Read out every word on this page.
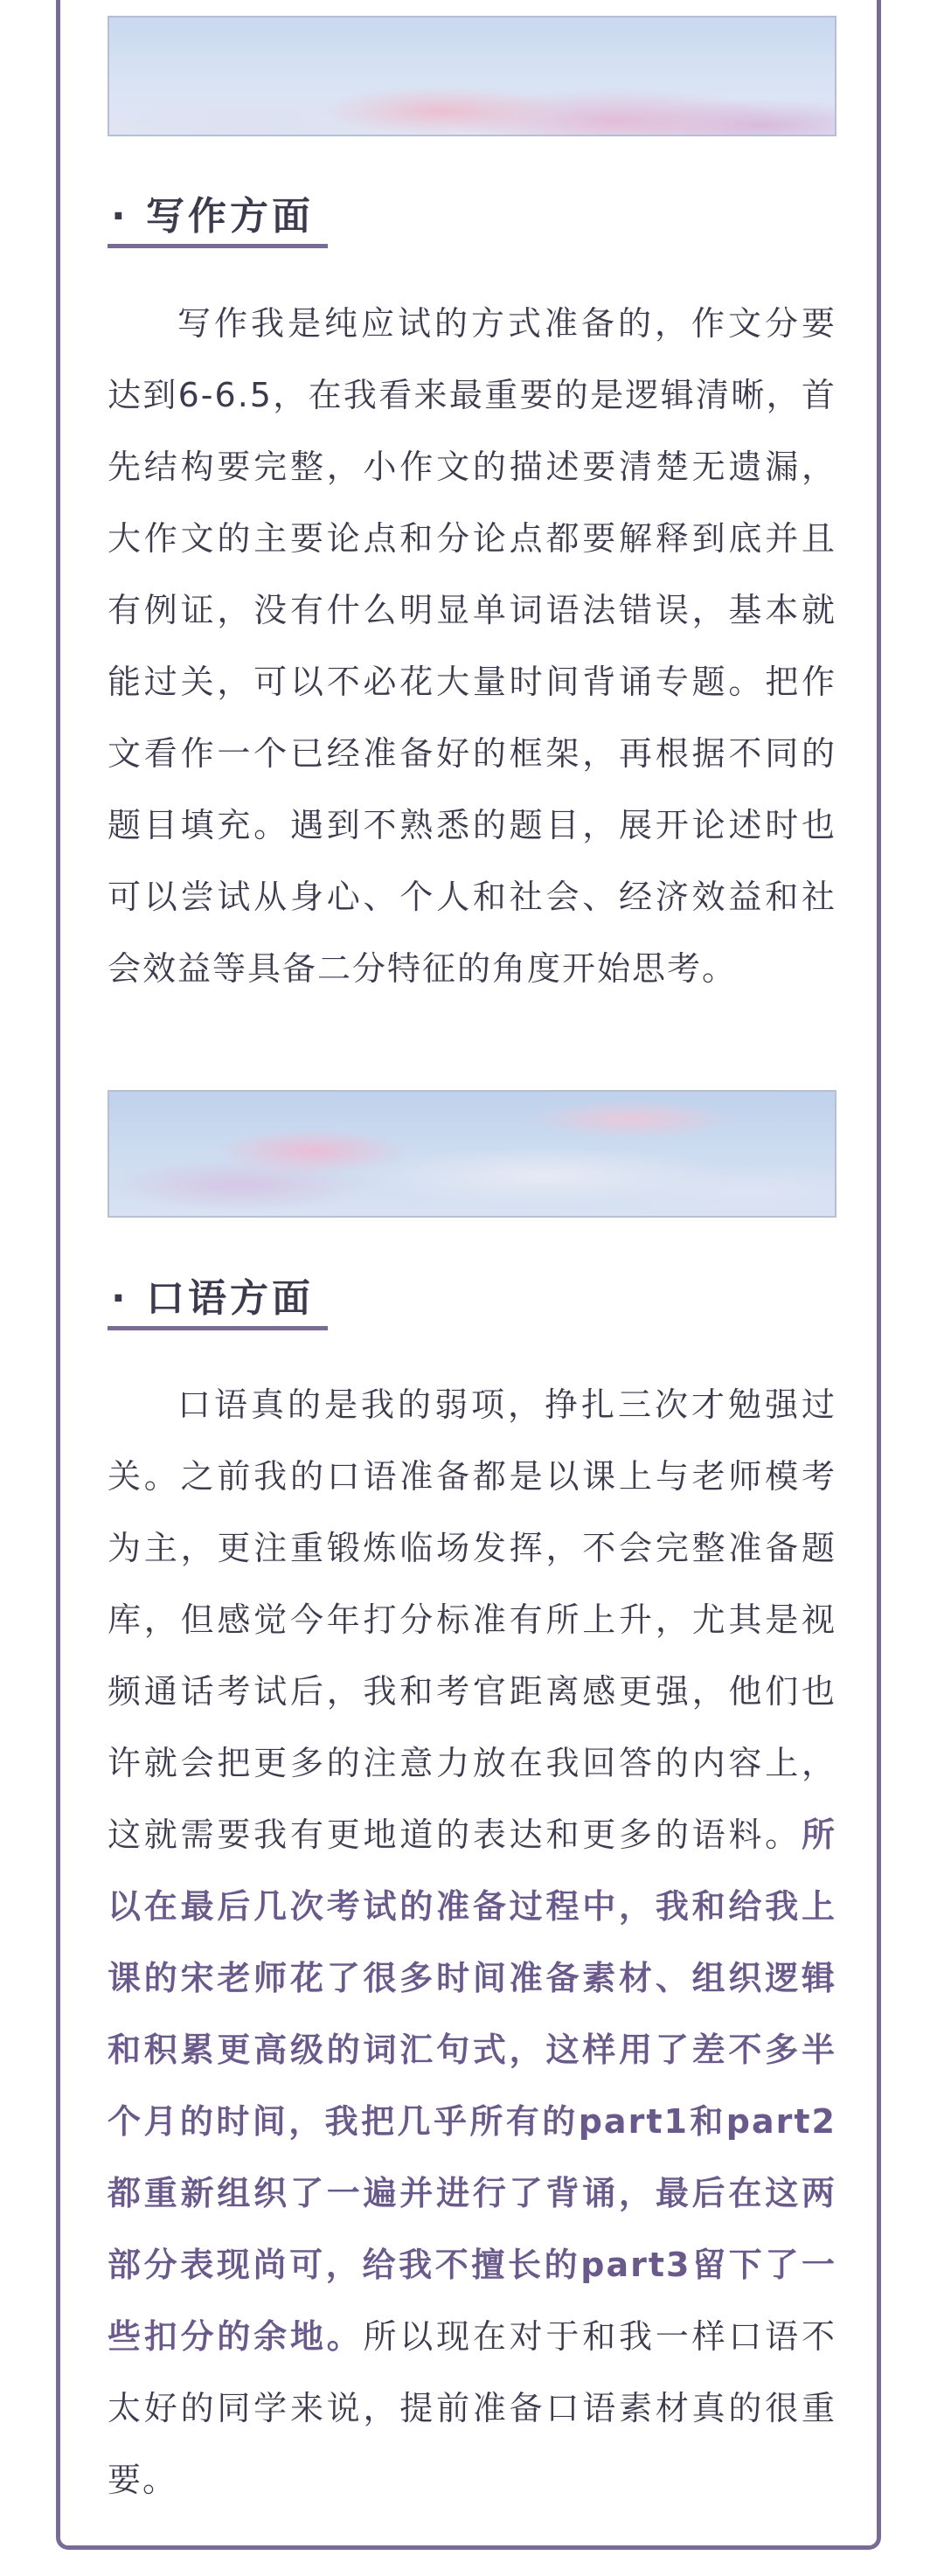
· 写作方面

写作我是纯应试的方式准备的，作文分要达到6-6.5，在我看来最重要的是逻辑清晰，首先结构要完整，小作文的描述要清楚无遗漏，大作文的主要论点和分论点都要解释到底并且有例证，没有什么明显单词语法错误，基本就能过关，可以不必花大量时间背诵专题。把作文看作一个已经准备好的框架，再根据不同的题目填充。遇到不熟悉的题目，展开论述时也可以尝试从身心、个人和社会、经济效益和社会效益等具备二分特征的角度开始思考。

· 口语方面

口语真的是我的弱项，挣扎三次才勉强过关。之前我的口语准备都是以课上与老师模考为主，更注重锻炼临场发挥，不会完整准备题库，但感觉今年打分标准有所上升，尤其是视频通话考试后，我和考官距离感更强，他们也许就会把更多的注意力放在我回答的内容上，这就需要我有更地道的表达和更多的语料。所以在最后几次考试的准备过程中，我和给我上课的宋老师花了很多时间准备素材、组织逻辑和积累更高级的词汇句式，这样用了差不多半个月的时间，我把几乎所有的part1和part2都重新组织了一遍并进行了背诵，最后在这两部分表现尚可，给我不擅长的part3留下了一些扣分的余地。所以现在对于和我一样口语不太好的同学来说，提前准备口语素材真的很重要。
